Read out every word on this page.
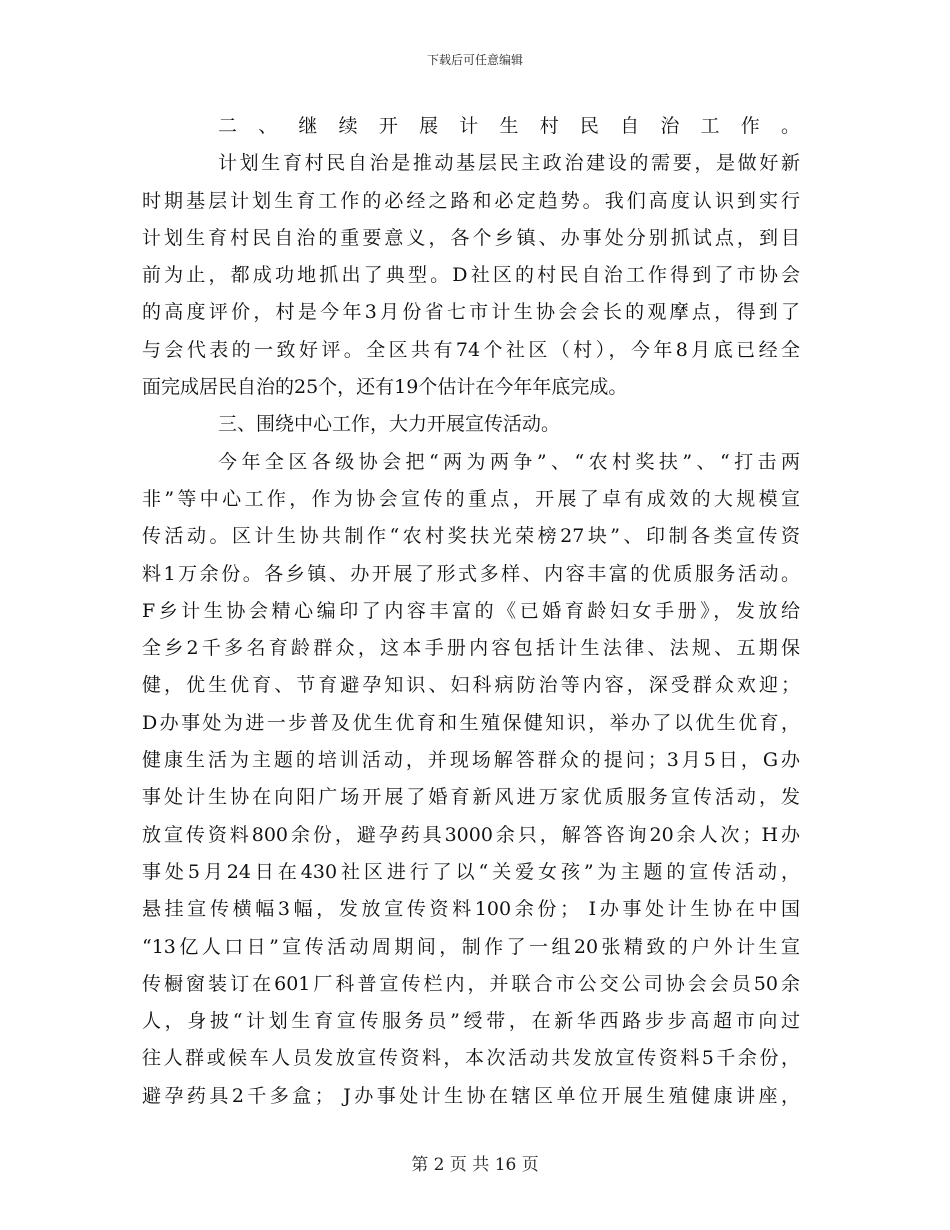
下载后可任意编辑
二、继续开展计生村民自治工作。
计划生育村民自治是推动基层民主政治建设的需要，是做好新
时期基层计划生育工作的必经之路和必定趋势。我们高度认识到实行
计划生育村民自治的重要意义，各个乡镇、办事处分别抓试点，到目
前为止，都成功地抓出了典型。D社区的村民自治工作得到了市协会
的高度评价，村是今年3月份省七市计生协会会长的观摩点，得到了
与会代表的一致好评。全区共有74个社区（村），今年8月底已经全
面完成居民自治的25个，还有19个估计在今年年底完成。
三、围绕中心工作，大力开展宣传活动。
今年全区各级协会把“两为两争”、“农村奖扶”、“打击两
非”等中心工作，作为协会宣传的重点，开展了卓有成效的大规模宣
传活动。区计生协共制作“农村奖扶光荣榜27块”、印制各类宣传资
料1万余份。各乡镇、办开展了形式多样、内容丰富的优质服务活动。
F乡计生协会精心编印了内容丰富的《已婚育龄妇女手册》，发放给
全乡2千多名育龄群众，这本手册内容包括计生法律、法规、五期保
健，优生优育、节育避孕知识、妇科病防治等内容，深受群众欢迎；
D办事处为进一步普及优生优育和生殖保健知识，举办了以优生优育，
健康生活为主题的培训活动，并现场解答群众的提问；3月5日，G办
事处计生协在向阳广场开展了婚育新风进万家优质服务宣传活动，发
放宣传资料800余份，避孕药具3000余只，解答咨询20余人次；H办
事处5月24日在430社区进行了以“关爱女孩”为主题的宣传活动，
悬挂宣传横幅3幅，发放宣传资料100余份； I办事处计生协在中国
“13亿人口日”宣传活动周期间，制作了一组20张精致的户外计生宣
传橱窗装订在601厂科普宣传栏内，并联合市公交公司协会会员50余
人，身披“计划生育宣传服务员”绶带，在新华西路步步高超市向过
往人群或候车人员发放宣传资料，本次活动共发放宣传资料5千余份，
避孕药具2千多盒； J办事处计生协在辖区单位开展生殖健康讲座，
第 2 页 共 16 页
